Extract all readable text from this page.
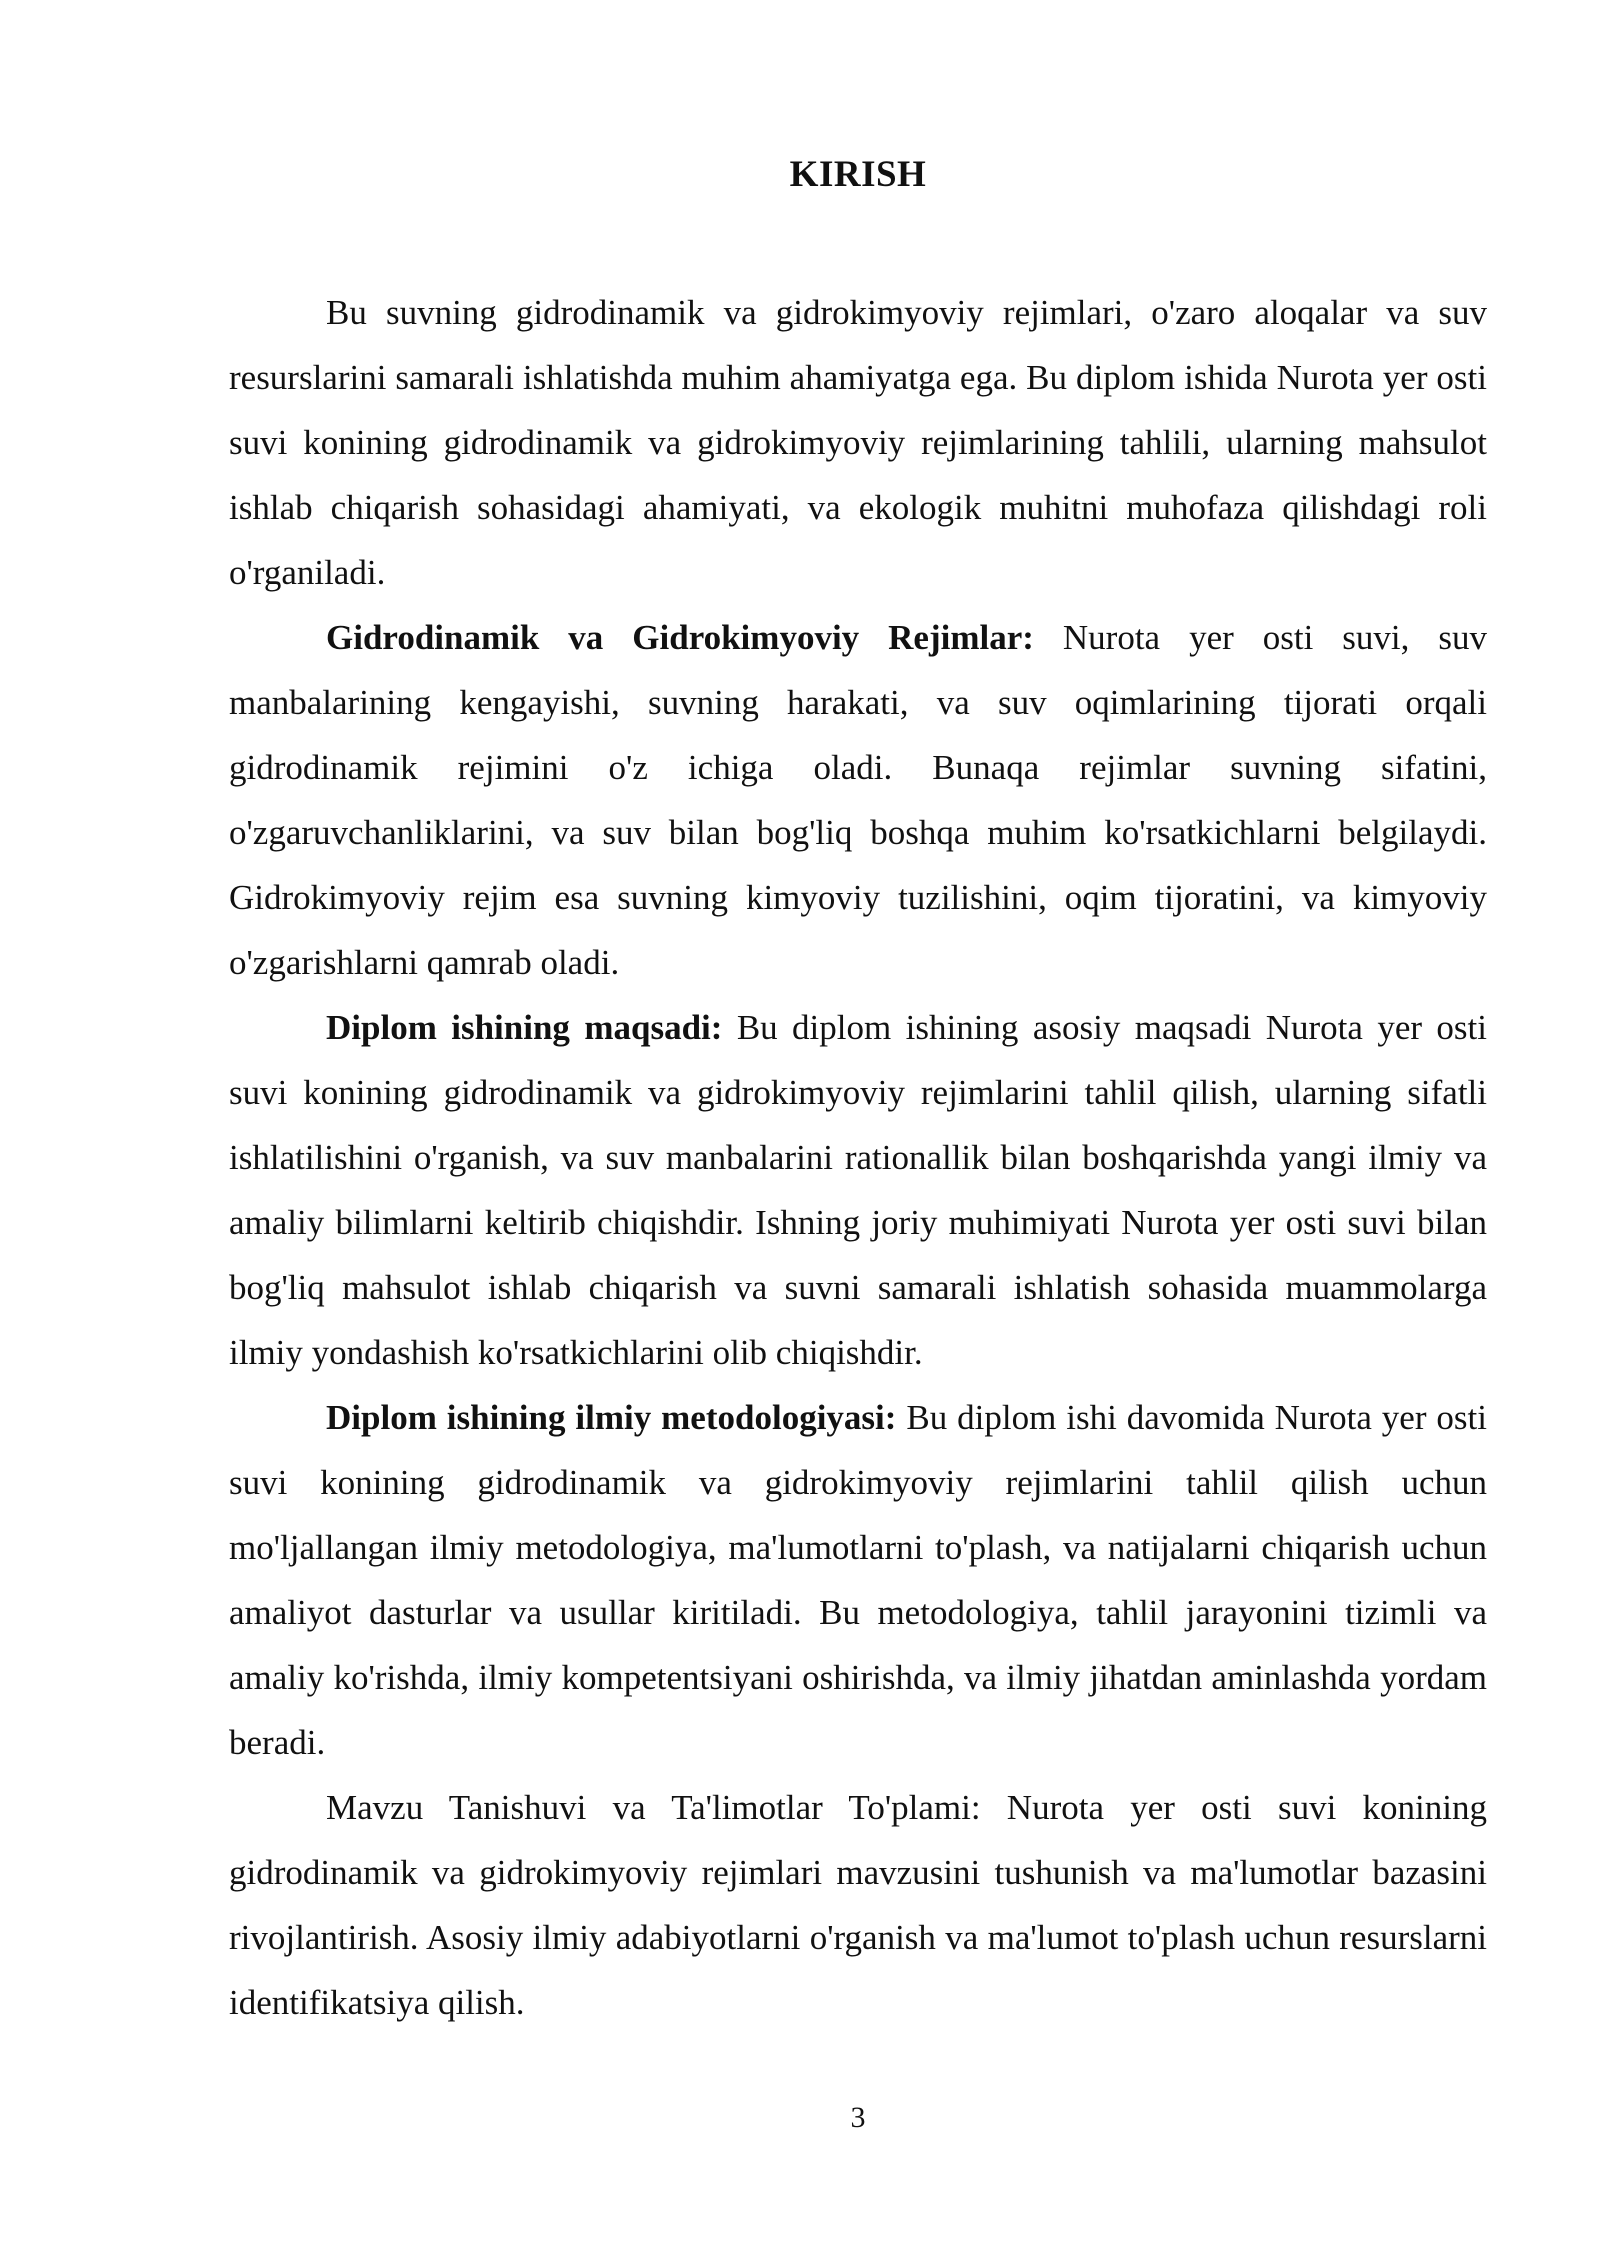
KIRISH

Bu suvning gidrodinamik va gidrokimyoviy rejimlari, o'zaro aloqalar va suv resurslarini samarali ishlatishda muhim ahamiyatga ega. Bu diplom ishida Nurota yer osti suvi konining gidrodinamik va gidrokimyoviy rejimlarining tahlili, ularning mahsulot ishlab chiqarish sohasidagi ahamiyati, va ekologik muhitni muhofaza qilishdagi roli o'rganiladi.

Gidrodinamik va Gidrokimyoviy Rejimlar: Nurota yer osti suvi, suv manbalarining kengayishi, suvning harakati, va suv oqimlarining tijorati orqali gidrodinamik rejimini o'z ichiga oladi. Bunaqa rejimlar suvning sifatini, o'zgaruvchanliklarini, va suv bilan bog'liq boshqa muhim ko'rsatkichlarni belgilaydi. Gidrokimyoviy rejim esa suvning kimyoviy tuzilishini, oqim tijoratini, va kimyoviy o'zgarishlarni qamrab oladi.

Diplom ishining maqsadi: Bu diplom ishining asosiy maqsadi Nurota yer osti suvi konining gidrodinamik va gidrokimyoviy rejimlarini tahlil qilish, ularning sifatli ishlatilishini o'rganish, va suv manbalarini rationallik bilan boshqarishda yangi ilmiy va amaliy bilimlarni keltirib chiqishdir. Ishning joriy muhimiyati Nurota yer osti suvi bilan bog'liq mahsulot ishlab chiqarish va suvni samarali ishlatish sohasida muammolarga ilmiy yondashish ko'rsatkichlarini olib chiqishdir.

Diplom ishining ilmiy metodologiyasi: Bu diplom ishi davomida Nurota yer osti suvi konining gidrodinamik va gidrokimyoviy rejimlarini tahlil qilish uchun mo'ljallangan ilmiy metodologiya, ma'lumotlarni to'plash, va natijalarni chiqarish uchun amaliyot dasturlar va usullar kiritiladi. Bu metodologiya, tahlil jarayonini tizimli va amaliy ko'rishda, ilmiy kompetentsiyani oshirishda, va ilmiy jihatdan aminlashda yordam beradi.

Mavzu Tanishuvi va Ta'limotlar To'plami: Nurota yer osti suvi konining gidrodinamik va gidrokimyoviy rejimlari mavzusini tushunish va ma'lumotlar bazasini rivojlantirish. Asosiy ilmiy adabiyotlarni o'rganish va ma'lumot to'plash uchun resurslarni identifikatsiya qilish.

3
